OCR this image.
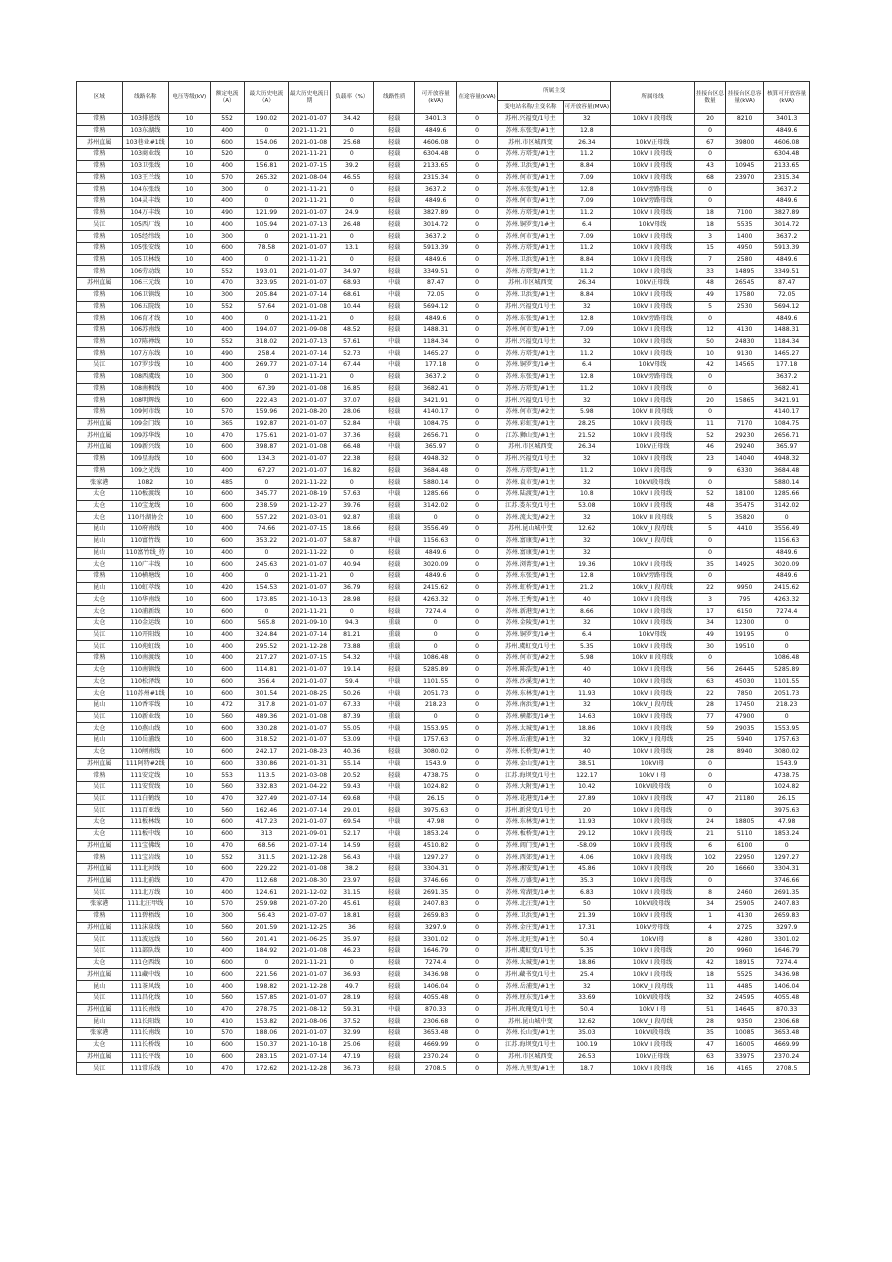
区域	线路名称	电压等级(kV)	额定电流（A）	最大历史电流（A）	最大历史电流日期	负载率（%）	线路性质	可开放容量(kVA)	在途容量(kVA)	所属主变		所属母线	挂接台区总数量	挂接台区总容量(kVA)	核算可开放容量(kVA)
										变电站名称/主变名称	可开放容量(MVA)				
常熟	103排恩线	10	552	190.02	2021-01-07	34.42	轻载	3401.3	0	苏州.兴福变/1号主	32	10kV I 段母线	20	8210	3401.3
常熟	103东湖线	10	400	0	2021-11-21	0	轻载	4849.6	0	苏州.东张变/#1主	12.8		0		4849.6
苏州直属	103巷业#1线	10	600	154.06	2021-01-08	25.68	轻载	4606.08	0	苏州.市区城西变	26.34	10kV正母线	67	39800	4606.08
常熟	103商业线	10	520	0	2021-11-21	0	轻载	6304.48	0	苏州.方塔变/#1主	11.2	10kV I 段母线	0		6304.48
常熟	103卫张线	10	400	156.81	2021-07-15	39.2	轻载	2133.65	0	苏州.卫浜变/#1主	8.84	10kV I 段母线	43	10945	2133.65
常熟	103王兰线	10	570	265.32	2021-08-04	46.55	轻载	2315.34	0	苏州.何市变/#1主	7.09	10kV I 段母线	68	23970	2315.34
常熟	104东张线	10	300	0	2021-11-21	0	轻载	3637.2	0	苏州.东张变/#1主	12.8	10kV旁路母线	0		3637.2
常熟	104灵丰线	10	400	0	2021-11-21	0	轻载	4849.6	0	苏州.何市变/#1主	7.09	10kV旁路母线	0		4849.6
常熟	104万丰线	10	490	121.99	2021-01-07	24.9	轻载	3827.89	0	苏州.方塔变/#1主	11.2	10kV I 段母线	18	7100	3827.89
吴江	105西厂线	10	400	105.94	2021-07-13	26.48	轻载	3014.72	0	苏州.铜罗变/1#主	6.4	10kV母线	18	5535	3014.72
常熟	105经纬线	10	300	0	2021-11-21	0	轻载	3637.2	0	苏州.何市变/#1主	7.09	10kV I 段母线	3	1400	3637.2
常熟	105张安线	10	600	78.58	2021-01-07	13.1	轻载	5913.39	0	苏州.方塔变/#1主	11.2	10kV I 段母线	15	4950	5913.39
常熟	105卫林线	10	400	0	2021-11-21	0	轻载	4849.6	0	苏州.卫浜变/#1主	8.84	10kV I 段母线	7	2580	4849.6
常熟	106劳动线	10	552	193.01	2021-01-07	34.97	轻载	3349.51	0	苏州.方塔变/#1主	11.2	10kV I 段母线	33	14895	3349.51
苏州直属	106三元线	10	470	323.95	2021-01-07	68.93	中载	87.47	0	苏州.市区城西变	26.34	10kV正母线	48	26545	87.47
常熟	106卫镇线	10	300	205.84	2021-07-14	68.61	中载	72.05	0	苏州.卫浜变/#1主	8.84	10kV I 段母线	49	17580	72.05
常熟	106五院线	10	552	57.64	2021-01-08	10.44	轻载	5694.12	0	苏州.兴福变/1号主	32	10kV I 段母线	5	2530	5694.12
常熟	106育才线	10	400	0	2021-11-21	0	轻载	4849.6	0	苏州.东张变/#1主	12.8	10kV旁路母线	0		4849.6
常熟	106苏南线	10	400	194.07	2021-09-08	48.52	轻载	1488.31	0	苏州.何市变/#1主	7.09	10kV I 段母线	12	4130	1488.31
常熟	107陈禅线	10	552	318.02	2021-07-13	57.61	中载	1184.34	0	苏州.兴福变/1号主	32	10kV I 段母线	50	24830	1184.34
常熟	107方东线	10	490	258.4	2021-07-14	52.73	中载	1465.27	0	苏州.方塔变/#1主	11.2	10kV I 段母线	10	9130	1465.27
吴江	107罗步线	10	400	269.77	2021-07-14	67.44	中载	177.18	0	苏州.铜罗变/1#主	6.4	10kV母线	42	14565	177.18
常熟	108西虞线	10	300	0	2021-11-21	0	轻载	3637.2	0	苏州.东张变/#1主	12.8	10kV旁路母线	0		3637.2
常熟	108南枫线	10	400	67.39	2021-01-08	16.85	轻载	3682.41	0	苏州.方塔变/#1主	11.2	10kV I 段母线	0		3682.41
常熟	108明辉线	10	600	222.43	2021-01-07	37.07	轻载	3421.91	0	苏州.兴福变/1号主	32	10kV I 段母线	20	15865	3421.91
常熟	109何市线	10	570	159.96	2021-08-20	28.06	轻载	4140.17	0	苏州.何市变/#2主	5.98	10kV II 段母线	0		4140.17
苏州直属	109金门线	10	365	192.87	2021-01-07	52.84	中载	1084.75	0	苏州.彩虹变/#1主	28.25	10kV I 段母线	11	7170	1084.75
苏州直属	109苏华线	10	470	175.61	2021-01-07	37.36	轻载	2656.71	0	江苏.狮山变/#1主	21.52	10kV I 段母线	52	29230	2656.71
苏州直属	109新兴线	10	600	398.87	2021-01-08	66.48	中载	365.97	0	苏州.市区城西变	26.34	10kV正母线	46	29240	365.97
常熟	109星海线	10	600	134.3	2021-01-07	22.38	轻载	4948.32	0	苏州.兴福变/1号主	32	10kV I 段母线	23	14040	4948.32
常熟	109之光线	10	400	67.27	2021-01-07	16.82	轻载	3684.48	0	苏州.方塔变/#1主	11.2	10kV I 段母线	9	6330	3684.48
张家港	1082	10	485	0	2021-11-22	0	轻载	5880.14	0	苏州.袁市变/#1主	32	10kVI段母线	0		5880.14
太仓	110板渡线	10	600	345.77	2021-08-19	57.63	中载	1285.66	0	苏州.陆渡变/#1主	10.8	10kV I 段母线	52	18100	1285.66
太仓	110宝龙线	10	600	238.59	2021-12-27	39.76	轻载	3142.02	0	江苏.娄东变/1号主	53.08	10kV I 段母线	48	35475	3142.02
太仓	110丹湖协会	10	600	557.22	2021-03-01	92.87	重载	0	0	苏州.流太变/#2主	32	10kV II 段母线	5	35820	0
昆山	110府南线	10	400	74.66	2021-07-15	18.66	轻载	3556.49	0	苏州.昆山城中变	12.62	10kV_I 段母线	5	4410	3556.49
昆山	110富竹线	10	600	353.22	2021-01-07	58.87	中载	1156.63	0	苏州.富康变/#1主	32	10kV_I 段母线	0		1156.63
昆山	110富竹线_待	10	400	0	2021-11-22	0	轻载	4849.6	0	苏州.富康变/#1主	32		0		4849.6
太仓	110广丰线	10	600	245.63	2021-01-07	40.94	轻载	3020.09	0	苏州.浏菁变/#1主	19.36	10kV I 段母线	35	14925	3020.09
常熟	110横塘线	10	400	0	2021-11-21	0	轻载	4849.6	0	苏州.东张变/#1主	12.8	10kV旁路母线	0		4849.6
昆山	110虹萃线	10	420	154.53	2021-01-07	36.79	轻载	2415.62	0	苏州.虹桥变/#1主	21.2	10kV_I 段母线	22	9950	2415.62
太仓	110华南线	10	600	173.85	2021-10-13	28.98	轻载	4263.32	0	苏州.王秀变/#1主	40	10kV I 段母线	3	795	4263.32
太仓	110浦新线	10	600	0	2021-11-21	0	轻载	7274.4	0	苏州.新港变/#1主	8.66	10kV I 段母线	17	6150	7274.4
太仓	110金运线	10	600	565.8	2021-09-10	94.3	重载	0	0	苏州.金陵变/#1主	32	10kV I 段母线	34	12300	0
吴江	110开阳线	10	400	324.84	2021-07-14	81.21	重载	0	0	苏州.铜罗变/1#主	6.4	10kV母线	49	19195	0
吴江	110苑虹线	10	400	295.52	2021-12-28	73.88	重载	0	0	苏州.虞虹变/1号主	5.35	10kV I 段母线	30	19510	0
常熟	110南渡线	10	400	217.27	2021-07-15	54.32	中载	1086.48	0	苏州.何市变/#2主	5.98	10kV II 段母线	0		1086.48
太仓	110南镇线	10	600	114.81	2021-01-07	19.14	轻载	5285.89	0	苏州.陈浩变/#1主	40	10kV I 段母线	56	26445	5285.89
太仓	110松泽线	10	600	356.4	2021-01-07	59.4	中载	1101.55	0	苏州.沙溪变/#1主	40	10kV I 段母线	63	45030	1101.55
太仓	110苏州#1线	10	600	301.54	2021-08-25	50.26	中载	2051.73	0	苏州.东林变/#1主	11.93	10kV I 段母线	22	7850	2051.73
昆山	110香零线	10	472	317.8	2021-01-07	67.33	中载	218.23	0	苏州.南浜变/#1主	32	10kV_I 段母线	28	17450	218.23
吴江	110新业线	10	560	489.36	2021-01-08	87.39	重载	0	0	苏州.横都变/1#主	14.63	10kV I 段母线	77	47900	0
太仓	110燕山线	10	600	330.28	2021-01-07	55.05	中载	1553.95	0	苏州.太城变/#1主	18.86	10kV I 段母线	59	29035	1553.95
昆山	110岳浦线	10	600	318.52	2021-01-07	53.09	中载	1757.63	0	苏州.岳浦变/#1主	32	10KV_I 段母线	25	5940	1757.63
太仓	110闸南线	10	600	242.17	2021-08-23	40.36	轻载	3080.02	0	苏州.长桥变/#1主	40	10kV I 段母线	28	8940	3080.02
苏州直属	111阿特#2线	10	600	330.86	2021-01-31	55.14	中载	1543.9	0	苏州.金山变/#1主	38.51	10kVI母	0		1543.9
常熟	111安定线	10	553	113.5	2021-03-08	20.52	轻载	4738.75	0	江苏.海坝变/1号主	122.17	10kV I 母	0		4738.75
吴江	111安贸线	10	560	332.83	2021-04-22	59.43	中载	1024.82	0	苏州.大附变/#1主	10.42	10kVI段母线	0		1024.82
吴江	111白鹤线	10	470	327.49	2021-07-14	69.68	中载	26.15	0	苏州.花港变/1#主	27.89	10kV I 段母线	47	21180	26.15
吴江	111百亚线	10	560	162.46	2021-07-14	29.01	轻载	3975.63	0	苏州.新营变/1号主	20	10kV I 段母线	0		3975.63
太仓	111板林线	10	600	417.23	2021-01-07	69.54	中载	47.98	0	苏州.东林变/#1主	11.93	10kV I 段母线	24	18805	47.98
太仓	111板中线	10	600	313	2021-09-01	52.17	中载	1853.24	0	苏州.板桥变/#1主	29.12	10kV I 段母线	21	5110	1853.24
苏州直属	111宝佛线	10	470	68.56	2021-07-14	14.59	轻载	4510.82	0	苏州.阊门变/#1主	-58.09	10kV I 段母线	6	6100	0
常熟	111宝岩线	10	552	311.5	2021-12-28	56.43	中载	1297.27	0	苏州.西郊变/#1主	4.06	10kV I 段母线	102	22950	1297.27
苏州直属	111北河线	10	600	229.22	2021-01-08	38.2	轻载	3304.31	0	苏州.湘安变/#1主	45.86	10kV I 段母线	20	16660	3304.31
苏州直属	111北前线	10	470	112.68	2021-08-30	23.97	轻载	3746.66	0	苏州.万盛变/#1主	35.3	10kV I 段母线	0		3746.66
吴江	111北万线	10	400	124.61	2021-12-02	31.15	轻载	2691.35	0	苏州.莺湖变/1#主	6.83	10kV I 段母线	8	2460	2691.35
张家港	111北汪甲线	10	570	259.98	2021-07-20	45.61	轻载	2407.83	0	苏州.北汪变/#1主	50	10kVI段母线	34	25905	2407.83
常熟	111碧梧线	10	300	56.43	2021-07-07	18.81	轻载	2659.83	0	苏州.卫浜变/#1主	21.39	10kV I 段母线	1	4130	2659.83
苏州直属	111沫泉线	10	560	201.59	2021-12-25	36	轻载	3297.9	0	苏州.金庄变/#1主	17.31	10kV旁母线	4	2725	3297.9
吴江	111波远线	10	560	201.41	2021-06-25	35.97	轻载	3301.02	0	苏州.北旺变/#1主	50.4	10kVI母	8	4280	3301.02
吴江	111部队线	10	400	184.92	2021-01-08	46.23	轻载	1646.79	0	苏州.虞虹变/1号主	5.35	10kV I 段母线	20	9960	1646.79
太仓	111仓西线	10	600	0	2021-11-21	0	轻载	7274.4	0	苏州.太城变/#1主	18.86	10kV I 段母线	42	18915	7274.4
苏州直属	111藏中线	10	600	221.56	2021-01-07	36.93	轻载	3436.98	0	苏州.藏书变/1号主	25.4	10kV I 段母线	18	5525	3436.98
昆山	111茶风线	10	400	198.82	2021-12-28	49.7	轻载	1406.04	0	苏州.岳浦变/#1主	32	10KV_I 段母线	11	4485	1406.04
吴江	111昌化线	10	560	157.85	2021-01-07	28.19	轻载	4055.48	0	苏州.厘东变/1#主	33.69	10kVI段母线	32	24595	4055.48
苏州直属	111长南线	10	470	278.75	2021-08-12	59.31	中载	870.33	0	苏州.玫瑰变/1号主	50.4	10kV I 母	51	14645	870.33
昆山	111长阳线	10	410	153.82	2021-08-06	37.52	轻载	2306.68	0	苏州.昆山城中变	12.62	10kV_I 段母线	28	9350	2306.68
张家港	111长南线	10	570	188.06	2021-01-07	32.99	轻载	3653.48	0	苏州.长山变/#1主	35.03	10kVI段母线	35	10085	3653.48
太仓	111长桥线	10	600	150.37	2021-10-18	25.06	轻载	4669.99	0	江苏.海坝变/1号主	100.19	10kV I 段母线	47	16005	4669.99
苏州直属	111长平线	10	600	283.15	2021-07-14	47.19	轻载	2370.24	0	苏州.市区城西变	26.53	10kV正母线	63	33975	2370.24
吴江	111常乐线	10	470	172.62	2021-12-28	36.73	轻载	2708.5	0	苏州.九里变/#1主	18.7	10kV I 段母线	16	4165	2708.5
